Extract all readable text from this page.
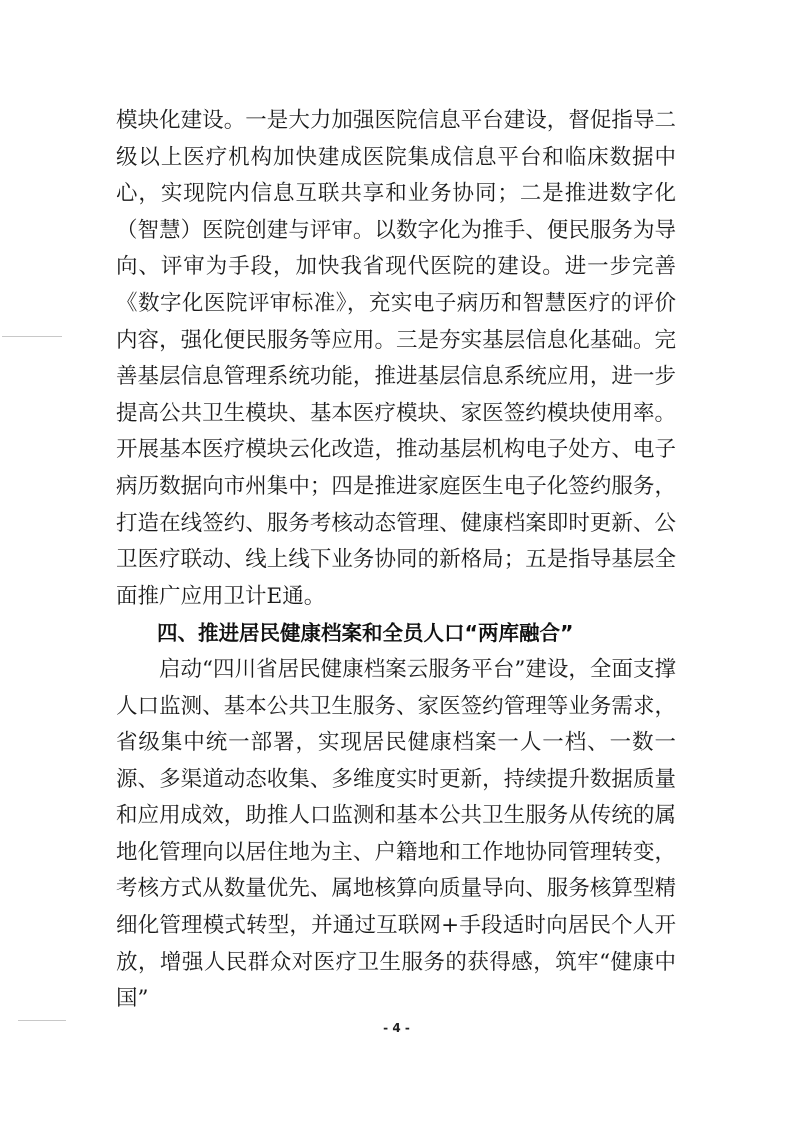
模块化建设。一是大力加强医院信息平台建设，督促指导二级以上医疗机构加快建成医院集成信息平台和临床数据中心，实现院内信息互联共享和业务协同；二是推进数字化（智慧）医院创建与评审。以数字化为推手、便民服务为导向、评审为手段，加快我省现代医院的建设。进一步完善《数字化医院评审标准》，充实电子病历和智慧医疗的评价内容，强化便民服务等应用。三是夯实基层信息化基础。完善基层信息管理系统功能，推进基层信息系统应用，进一步提高公共卫生模块、基本医疗模块、家医签约模块使用率。开展基本医疗模块云化改造，推动基层机构电子处方、电子病历数据向市州集中；四是推进家庭医生电子化签约服务，打造在线签约、服务考核动态管理、健康档案即时更新、公卫医疗联动、线上线下业务协同的新格局；五是指导基层全面推广应用卫计E通。

四、推进居民健康档案和全员人口“两库融合”

启动“四川省居民健康档案云服务平台”建设，全面支撑人口监测、基本公共卫生服务、家医签约管理等业务需求，省级集中统一部署，实现居民健康档案一人一档、一数一源、多渠道动态收集、多维度实时更新，持续提升数据质量和应用成效，助推人口监测和基本公共卫生服务从传统的属地化管理向以居住地为主、户籍地和工作地协同管理转变，考核方式从数量优先、属地核算向质量导向、服务核算型精细化管理模式转型，并通过互联网+手段适时向居民个人开放，增强人民群众对医疗卫生服务的获得感，筑牢“健康中国”

- 4 -
